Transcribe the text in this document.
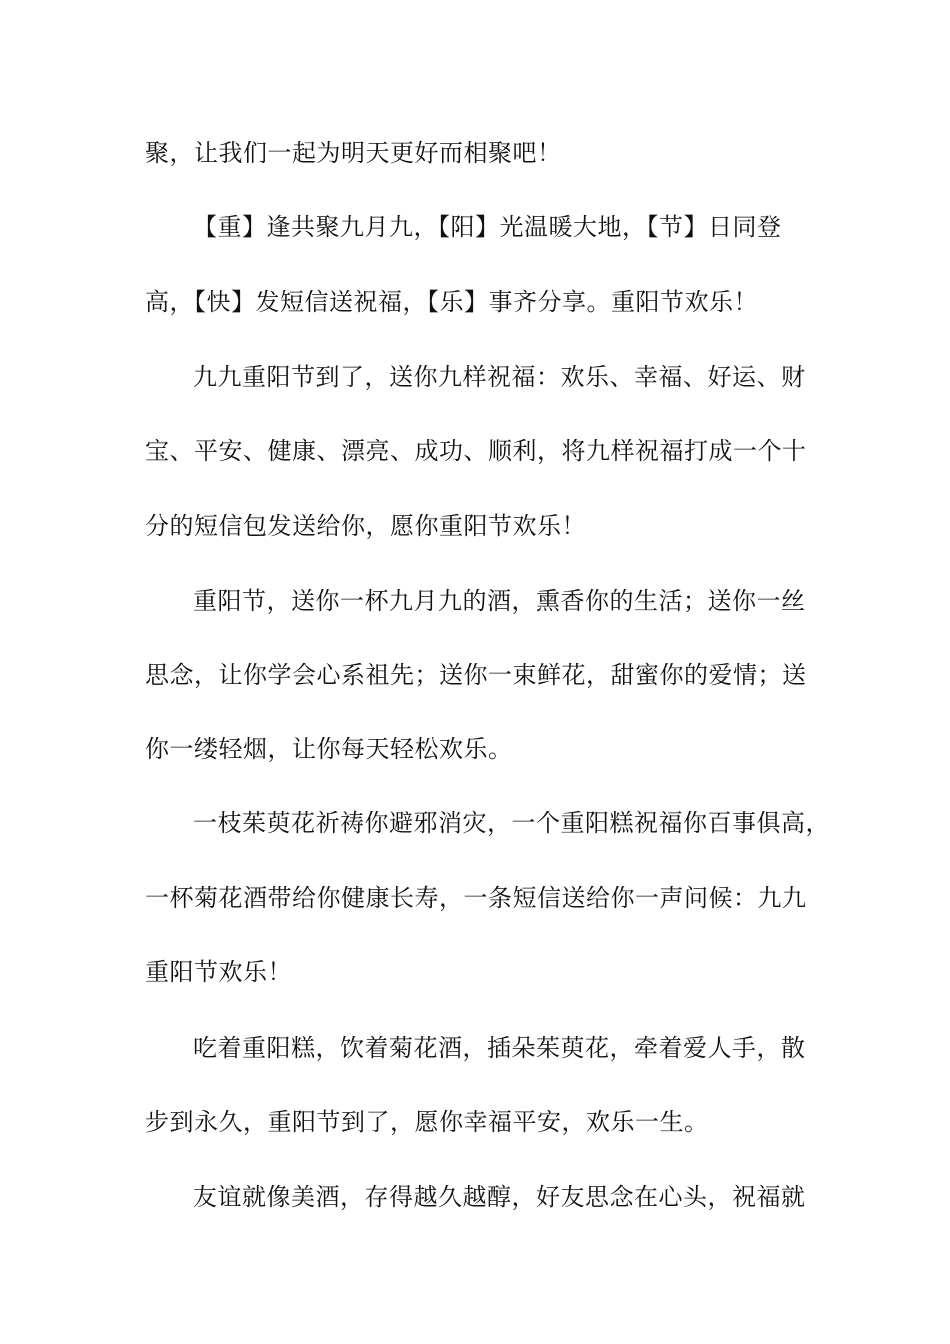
聚，让我们一起为明天更好而相聚吧！
【重】逢共聚九月九，【阳】光温暖大地，【节】日同登
高，【快】发短信送祝福，【乐】事齐分享。重阳节欢乐！
九九重阳节到了，送你九样祝福：欢乐、幸福、好运、财
宝、平安、健康、漂亮、成功、顺利，将九样祝福打成一个十
分的短信包发送给你，愿你重阳节欢乐！
重阳节，送你一杯九月九的酒，熏香你的生活；送你一丝
思念，让你学会心系祖先；送你一束鲜花，甜蜜你的爱情；送
你一缕轻烟，让你每天轻松欢乐。
一枝茱萸花祈祷你避邪消灾，一个重阳糕祝福你百事俱高，
一杯菊花酒带给你健康长寿，一条短信送给你一声问候：九九
重阳节欢乐！
吃着重阳糕，饮着菊花酒，插朵茱萸花，牵着爱人手，散
步到永久，重阳节到了，愿你幸福平安，欢乐一生。
友谊就像美酒，存得越久越醇，好友思念在心头，祝福就
